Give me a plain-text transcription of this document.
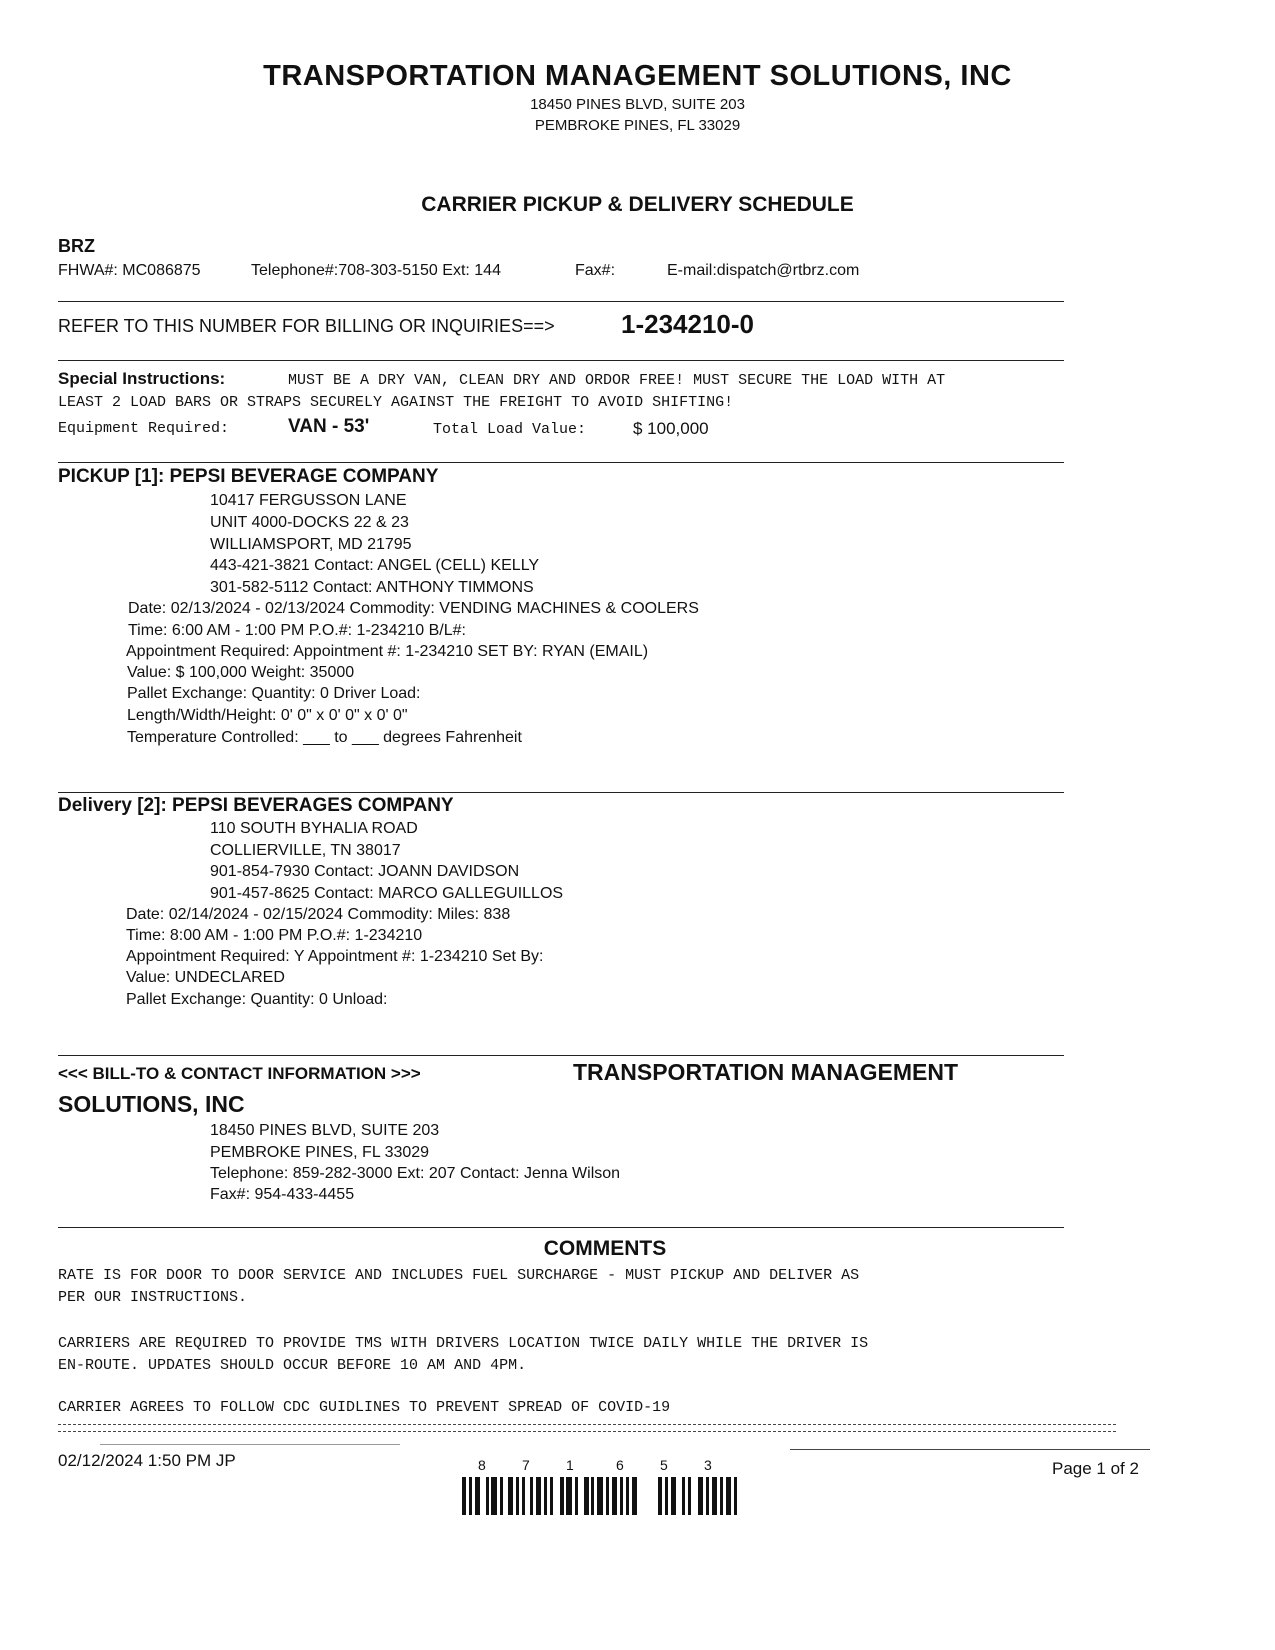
TRANSPORTATION MANAGEMENT SOLUTIONS, INC
18450 PINES BLVD, SUITE 203
PEMBROKE PINES, FL 33029
CARRIER PICKUP & DELIVERY SCHEDULE
BRZ
FHWA#: MC086875	Telephone#:708-303-5150 Ext: 144	Fax#:	E-mail:dispatch@rtbrz.com
REFER TO THIS NUMBER FOR BILLING OR INQUIRIES==>	1-234210-0
Special Instructions:	MUST BE A DRY VAN, CLEAN DRY AND ORDOR FREE! MUST SECURE THE LOAD WITH AT
LEAST 2 LOAD BARS OR STRAPS SECURELY AGAINST THE FREIGHT TO AVOID SHIFTING!
Equipment Required:	VAN - 53'	Total Load Value:	$ 100,000
PICKUP [1]: PEPSI BEVERAGE COMPANY
10417 FERGUSSON LANE
UNIT 4000-DOCKS 22 & 23
WILLIAMSPORT, MD 21795
443-421-3821 Contact: ANGEL (CELL) KELLY
301-582-5112 Contact: ANTHONY TIMMONS
Date: 02/13/2024 - 02/13/2024 Commodity: VENDING MACHINES & COOLERS
Time: 6:00 AM - 1:00 PM P.O.#: 1-234210 B/L#:
Appointment Required: Appointment #: 1-234210 SET BY: RYAN (EMAIL)
Value: $ 100,000 Weight: 35000
Pallet Exchange: Quantity: 0 Driver Load:
Length/Width/Height: 0' 0" x 0' 0" x 0' 0"
Temperature Controlled: ___ to ___ degrees Fahrenheit
Delivery [2]: PEPSI BEVERAGES COMPANY
110 SOUTH BYHALIA ROAD
COLLIERVILLE, TN 38017
901-854-7930 Contact: JOANN DAVIDSON
901-457-8625 Contact: MARCO GALLEGUILLOS
Date: 02/14/2024 - 02/15/2024 Commodity: Miles: 838
Time: 8:00 AM - 1:00 PM P.O.#: 1-234210
Appointment Required: Y Appointment #: 1-234210 Set By:
Value: UNDECLARED
Pallet Exchange: Quantity: 0 Unload:
<<< BILL-TO & CONTACT INFORMATION >>>	TRANSPORTATION MANAGEMENT
SOLUTIONS, INC
18450 PINES BLVD, SUITE 203
PEMBROKE PINES, FL 33029
Telephone: 859-282-3000 Ext: 207 Contact: Jenna Wilson
Fax#: 954-433-4455
COMMENTS
RATE IS FOR DOOR TO DOOR SERVICE AND INCLUDES FUEL SURCHARGE - MUST PICKUP AND DELIVER AS
PER OUR INSTRUCTIONS.
CARRIERS ARE REQUIRED TO PROVIDE TMS WITH DRIVERS LOCATION TWICE DAILY WHILE THE DRIVER IS
EN-ROUTE. UPDATES SHOULD OCCUR BEFORE 10 AM AND 4PM.
CARRIER AGREES TO FOLLOW CDC GUIDLINES TO PREVENT SPREAD OF COVID-19
02/12/2024 1:50 PM JP	Page 1 of 2
8	7	1	6	5	3
